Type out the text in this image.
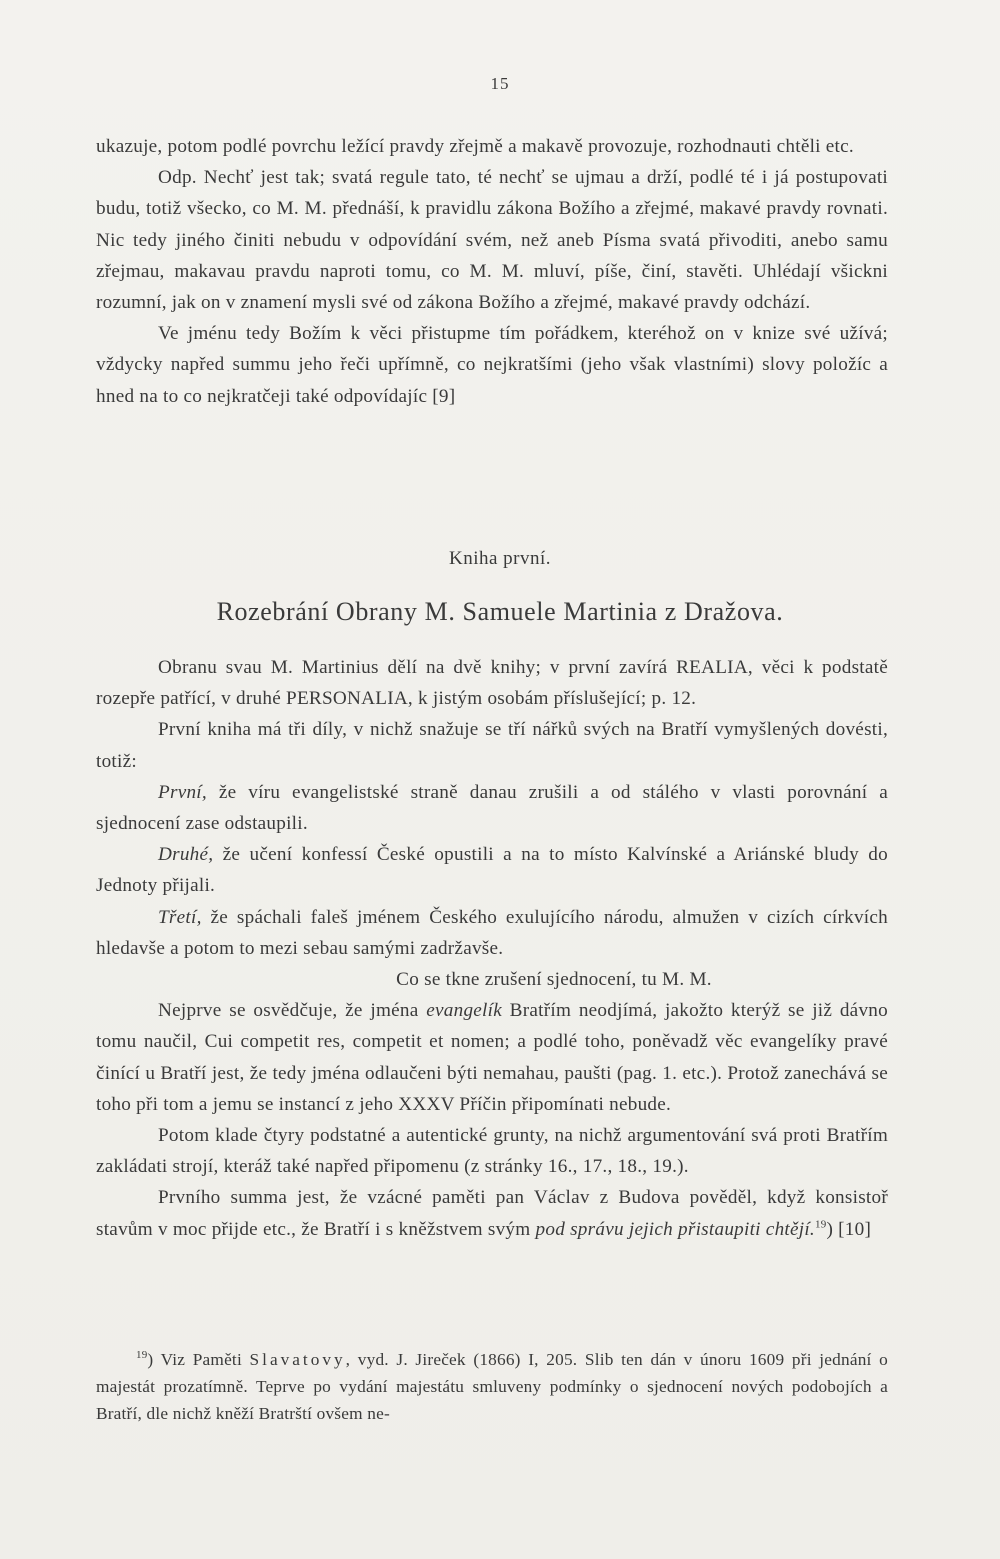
15

ukazuje, potom podlé povrchu ležící pravdy zřejmě a makavě provozuje, rozhodnauti chtěli etc.

Odp. Nechť jest tak; svatá regule tato, té nechť se ujmau a drží, podlé té i já postupovati budu, totiž všecko, co M. M. přednáší, k pravidlu zákona Božího a zřejmé, makavé pravdy rovnati. Nic tedy jiného činiti nebudu v odpovídání svém, než aneb Písma svatá přivoditi, anebo samu zřejmau, makavau pravdu naproti tomu, co M. M. mluví, píše, činí, stavěti. Uhlédají všickni rozumní, jak on v znamení mysli své od zákona Božího a zřejmé, makavé pravdy odchází.

Ve jménu tedy Božím k věci přistupme tím pořádkem, kteréhož on v knize své užívá; vždycky napřed summu jeho řeči upřímně, co nejkratšími (jeho však vlastními) slovy položíc a hned na to co nejkratčeji také odpovídajíc [9]

Kniha první.
Rozebrání Obrany M. Samuele Martinia z Dražova.

Obranu svau M. Martinius dělí na dvě knihy; v první zavírá REALIA, věci k podstatě rozepře patřící, v druhé PERSONALIA, k jistým osobám příslušející; p. 12.

První kniha má tři díly, v nichž snažuje se tří nářků svých na Bratří vymyšlených dovésti, totiž:

První, že víru evangelistské straně danau zrušili a od stálého v vlasti porovnání a sjednocení zase odstaupili.

Druhé, že učení konfessí České opustili a na to místo Kalvínské a Ariánské bludy do Jednoty přijali.

Třetí, že spáchali faleš jménem Českého exulujícího národu, almužen v cizích církvích hledavše a potom to mezi sebau samými zadržavše.

Co se tkne zrušení sjednocení, tu M. M.

Nejprve se osvědčuje, že jména evangelík Bratřím neodjímá, jakožto kterýž se již dávno tomu naučil, Cui competit res, competit et nomen; a podlé toho, poněvadž věc evangelíky pravé činící u Bratří jest, že tedy jména odlaučeni býti nemahau, paušti (pag. 1. etc.). Protož zanechává se toho při tom a jemu se instancí z jeho XXXV Příčin připomínati nebude.

Potom klade čtyry podstatné a autentické grunty, na nichž argumentování svá proti Bratřím zakládati strojí, kteráž také napřed připomenu (z stránky 16., 17., 18., 19.).

Prvního summa jest, že vzácné paměti pan Václav z Budova pověděl, když konsistoř stavům v moc přijde etc., že Bratří i s kněžstvem svým pod správu jejich přistaupiti chtějí.$^{19}$) [10]

$^{19}$) Viz Paměti Slavatovy, vyd. J. Jireček (1866) I, 205. Slib ten dán v únoru 1609 při jednání o majestát prozatímně. Teprve po vydání majestátu smluveny podmínky o sjednocení nových podobojích a Bratří, dle nichž kněží Bratrští ovšem ne-
